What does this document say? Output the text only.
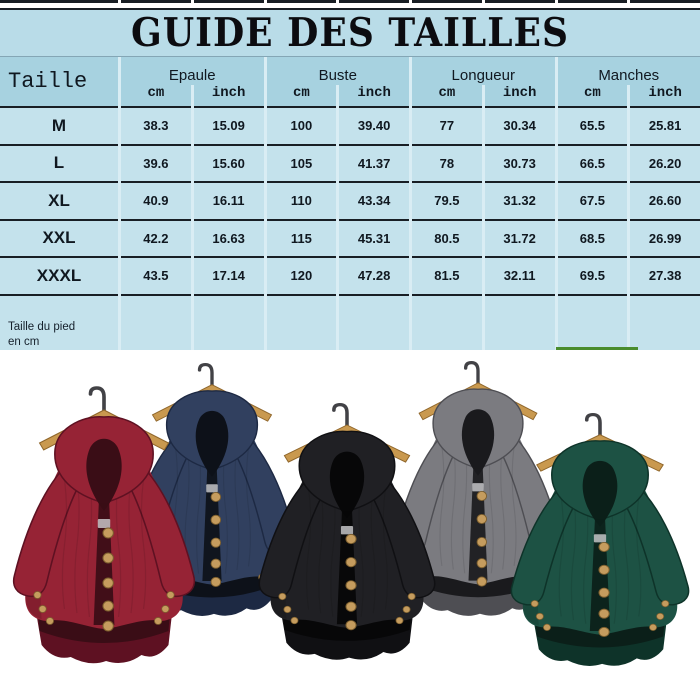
GUIDE DES TAILLES
Taille
Taille du pied
en cm
Epaule
cm	inch
Buste
cm	inch
Longueur
cm	inch
Manches
cm	inch
M	38.3	15.09	100	39.40	77	30.34	65.5	25.81
L	39.6	15.60	105	41.37	78	30.73	66.5	26.20
XL	40.9	16.11	110	43.34	79.5	31.32	67.5	26.60
XXL	42.2	16.63	115	45.31	80.5	31.72	68.5	26.99
XXXL	43.5	17.14	120	47.28	81.5	32.11	69.5	27.38
